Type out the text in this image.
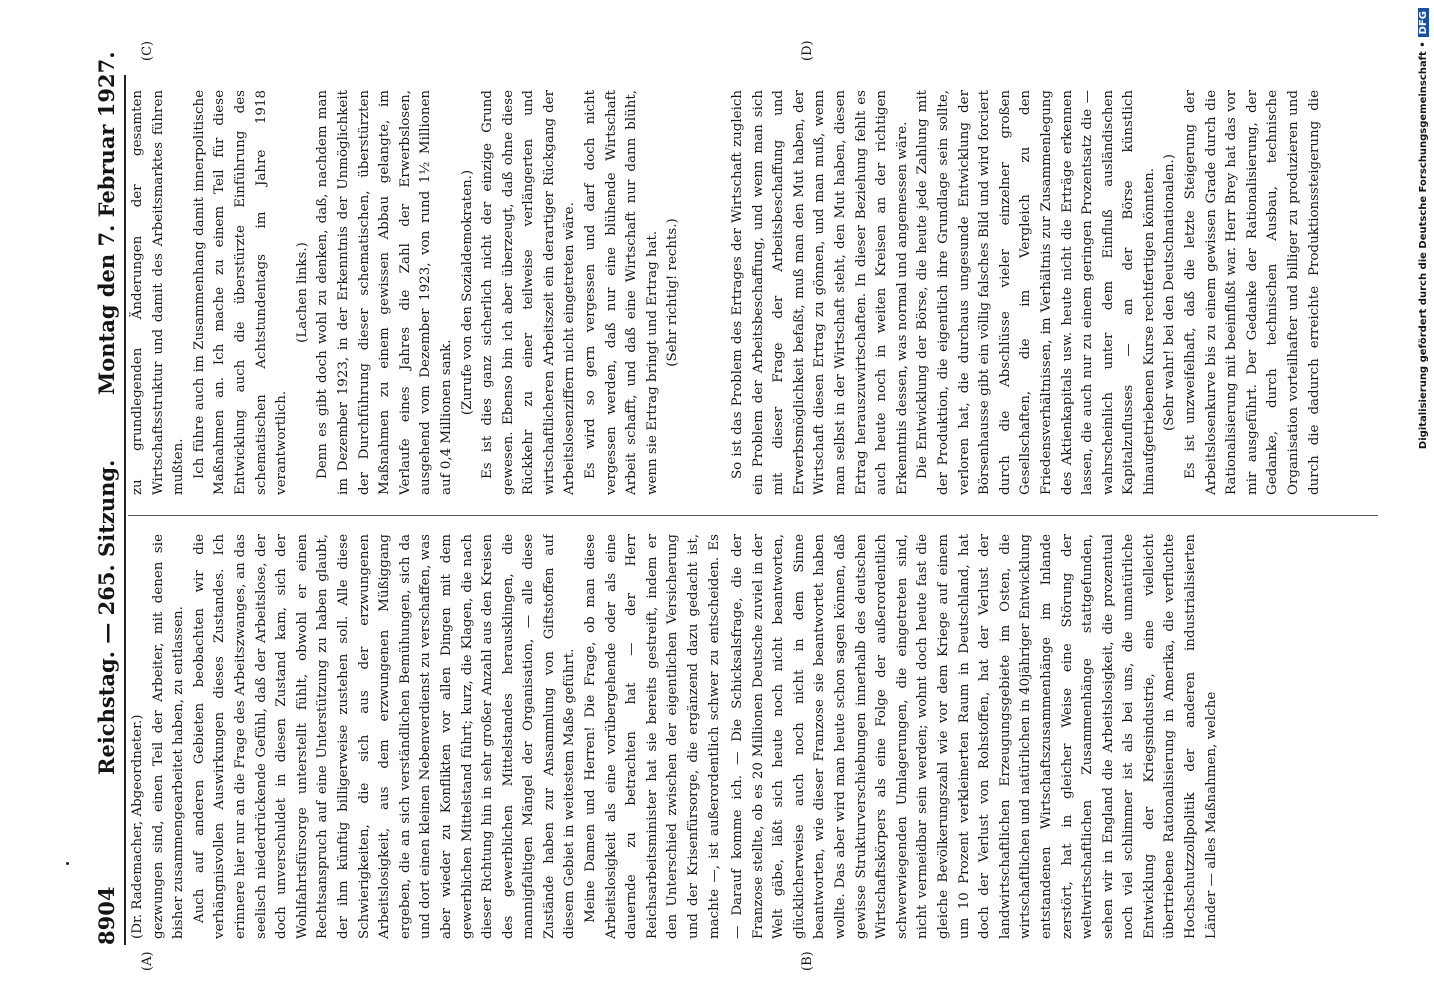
8904
Reichstag. — 265. Sitzung.
Montag den 7. Februar 1927.
(A)	(B)
(C)	(D)

(Dr. Rademacher, Abgeordneter.) gezwungen sind, einen Teil der Arbeiter, mit denen sie bisher zusammengearbeitet haben, zu entlassen. Auch auf anderen Gebieten beobachten wir die verhängnisvollen Auswirkungen dieses Zustandes. Ich erinnere hier nur an die Frage des Arbeitszwanges, an das seelisch niederdrückende Gefühl, daß der Arbeitslose, der doch unverschuldet in diesen Zustand kam, sich der Wohlfahrtsfürsorge unterstellt fühlt, obwohl er einen Rechtsanspruch auf eine Unterstützung zu haben glaubt, der ihm künftig billigerweise zustehen soll. Alle diese Schwierigkeiten, die sich aus der erzwungenen Arbeitslosigkeit, aus dem erzwungenen Müßiggang ergeben, die an sich verständlichen Bemühungen, sich da und dort einen kleinen Nebenverdienst zu verschaffen, was aber wieder zu Konflikten vor allen Dingen mit dem gewerblichen Mittelstand führt; kurz, die Klagen, die nach dieser Richtung hin in sehr großer Anzahl aus den Kreisen des gewerblichen Mittelstandes herausklingen, die mannigfaltigen Mängel der Organisation, — alle diese Zustände haben zur Ansammlung von Giftstoffen auf diesem Gebiet in weitestem Maße geführt. Meine Damen und Herren! Die Frage, ob man diese Arbeitslosigkeit als eine vorübergehende oder als eine dauernde zu betrachten hat — der Herr Reichsarbeitsminister hat sie bereits gestreift, indem er den Unterschied zwischen der eigentlichen Versicherung und der Krisenfürsorge, die ergänzend dazu gedacht ist, machte —, ist außerordentlich schwer zu entscheiden. Es

zu grundlegenden Änderungen der gesamten Wirtschaftsstruktur und damit des Arbeitsmarktes führen mußten. Ich führe auch im Zusammenhang damit innerpolitische Maßnahmen an. Ich mache zu einem Teil für diese Entwicklung auch die überstürzte Einführung des schematischen Achtstundentags im Jahre 1918 verantwortlich.

(Lachen links.) Denn es gibt doch wohl zu denken, daß, nachdem man im Dezember 1923, in der Erkenntnis der Unmöglichkeit der Durchführung dieser schematischen, überstürzten Maßnahmen zu einem gewissen Abbau gelangte, im Verlaufe eines Jahres die Zahl der Erwerbslosen, ausgehend vom Dezember 1923, von rund 1½ Millionen auf 0,4 Millionen sank.

(Zurufe von den Sozialdemokraten.) Es ist dies ganz sicherlich nicht der einzige Grund gewesen. Ebenso bin ich aber überzeugt, daß ohne diese Rückkehr zu einer teilweise verlängerten und wirtschaftlicheren Arbeitszeit ein derartiger Rückgang der Arbeitslosenziffern nicht eingetreten wäre. Es wird so gern vergessen und darf doch nicht vergessen werden, daß nur eine blühende Wirtschaft Arbeit schafft, und daß eine Wirtschaft nur dann blüht, wenn sie Ertrag bringt und Ertrag hat. (Sehr richtig! rechts.)

— Darauf komme ich. — Die Schicksalsfrage, die der Franzose stellte, ob es 20 Millionen Deutsche zuviel in der Welt gäbe, läßt sich heute noch nicht beantworten, glücklicherweise auch noch nicht in dem Sinne beantworten, wie dieser Franzose sie beantwortet haben wollte. Das aber wird man heute schon sagen können, daß gewisse Strukturverschiebungen innerhalb des deutschen Wirtschaftskörpers als eine Folge der außerordentlich schwerwiegenden Umlagerungen, die eingetreten sind, nicht vermeidbar sein werden; wohnt doch heute fast die gleiche Bevölkerungszahl wie vor dem Kriege auf einem um 10 Prozent verkleinerten Raum in Deutschland, hat doch der Verlust von Rohstoffen, hat der Verlust der landwirtschaftlichen Erzeugungsgebiete im Osten, die wirtschaftlichen und natürlichen in 40jähriger Entwicklung entstandenen Wirtschaftszusammenhänge im Inlande zerstört, hat in gleicher Weise eine Störung der weltwirtschaftlichen Zusammenhänge stattgefunden, sehen wir in England die Arbeitslosigkeit, die prozentual noch viel schlimmer ist als bei uns, die unnatürliche Entwicklung der Kriegsindustrie, eine vielleicht übertriebene Rationalisierung in Amerika, die verfluchte Hochschutzzollpolitik der anderen industrialisierten Länder — alles Maßnahmen, welche

So ist das Problem des Ertrages der Wirtschaft zugleich ein Problem der Arbeitsbeschaffung, und wenn man sich mit dieser Frage der Arbeitsbeschaffung und Erwerbsmöglichkeit befaßt, muß man den Mut haben, der Wirtschaft diesen Ertrag zu gönnen, und man muß, wenn man selbst in der Wirtschaft steht, den Mut haben, diesen Ertrag herauszuwirtschaften. In dieser Beziehung fehlt es auch heute noch in weiten Kreisen an der richtigen Erkenntnis dessen, was normal und angemessen wäre. Die Entwicklung der Börse, die heute jede Zahlung mit der Produktion, die eigentlich ihre Grundlage sein sollte, verloren hat, die durchaus ungesunde Entwicklung der Börsenhausse gibt ein völlig falsches Bild und wird forciert durch die Abschlüsse vieler einzelner großen Gesellschaften, die im Vergleich zu den Friedensverhältnissen, im Verhältnis zur Zusammenlegung des Aktienkapitals usw. heute nicht die Erträge erkennen lassen, die auch nur zu einem geringen Prozentsatz die — wahrscheinlich unter dem Einfluß ausländischen Kapitalzuflusses — an der Börse künstlich hinaufgetriebenen Kurse rechtfertigen könnten. (Sehr wahr! bei den Deutschnationalen.)

Es ist unzweifelhaft, daß die letzte Steigerung der Arbeitslosenkurve bis zu einem gewissen Grade durch die Rationalisierung mit beeinflußt war. Herr Brey hat das vor mir ausgeführt. Der Gedanke der Rationalisierung, der Gedanke, durch technischen Ausbau, technische Organisation vorteilhafter und billiger zu produzieren und durch die dadurch erreichte Produktionssteigerung die	Digitalisierung gefördert durch die Deutsche Forschungsgemeinschaft •DFG
